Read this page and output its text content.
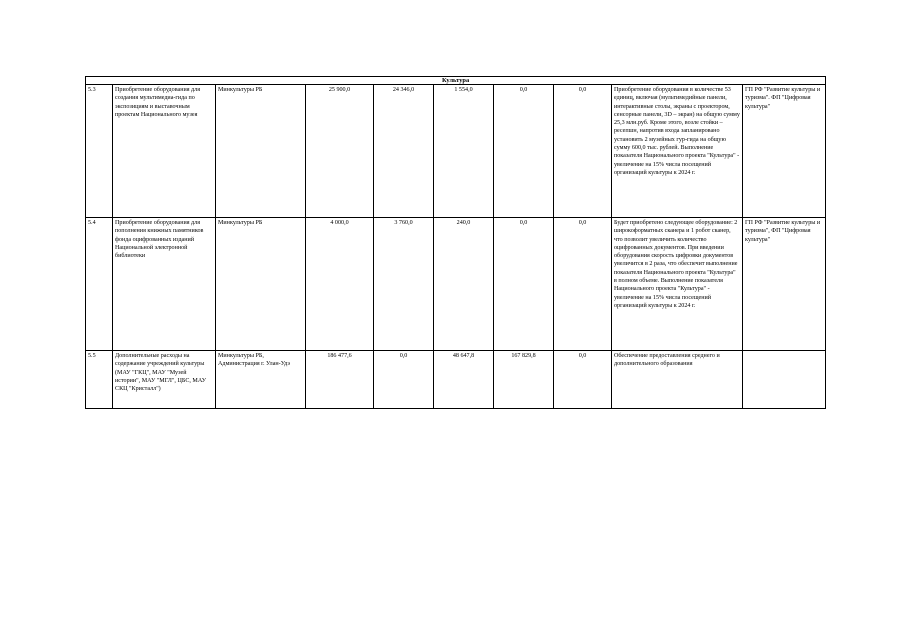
Культура									
5.3	Приобретение оборудования для создания мультимедиа-гида по экспозициям и выставочным проектам Национального музея	Минкультуры РБ	25 900,0	24 346,0	1 554,0	0,0	0,0	Приобретение оборудования в количестве 53 единиц, включая (мультимедийные панели, интерактивные столы, экраны с проектором, сенсорные панели, 3D – экран) на общую сумму 25,3 млн.руб. Кроме этого, возле стойки – ресепшн, напротив входа запланировано установить 2 музейных гур-гида на общую сумму 600,0 тыс. рублей. Выполнение показателя Национального проекта "Культура" - увеличение на 15% числа посещений организаций культуры к 2024 г.	ГП РФ "Развитие культуры и туризма". ФП "Цифровая культура"
5.4	Приобретение оборудования для пополнения книжных памятников фонда оцифрованных изданий Национальной электронной библиотеки	Минкультуры РБ	4 000,0	3 760,0	240,0	0,0	0,0	Будет приобретено следующее оборудование: 2 широкоформатных сканера и 1 робот сканер, что позволит увеличить количество оцифрованных документов. При введении оборудования скорость цифровки документов увеличится в 2 раза, что обеспечит выполнение показателя Национального проекта "Культура" в полном объеме. Выполнение показателя Национального проекта "Культура" - увеличение на 15% числа посещений организаций культуры к 2024 г.	ГП РФ "Развитие культуры и туризма", ФП "Цифровая культура"
5.5	Дополнительные расходы на содержание учреждений культуры (МАУ "ГКЦ", МАУ "Музей истории", МАУ "МГЛ", ЦБС, МАУ СКЦ "Кристалл")	Минкультуры РБ, Администрация г. Улан-Удэ	186 477,6	0,0	48 647,8	167 829,8	0,0	Обеспечение предоставления среднего и дополнительного образования	
